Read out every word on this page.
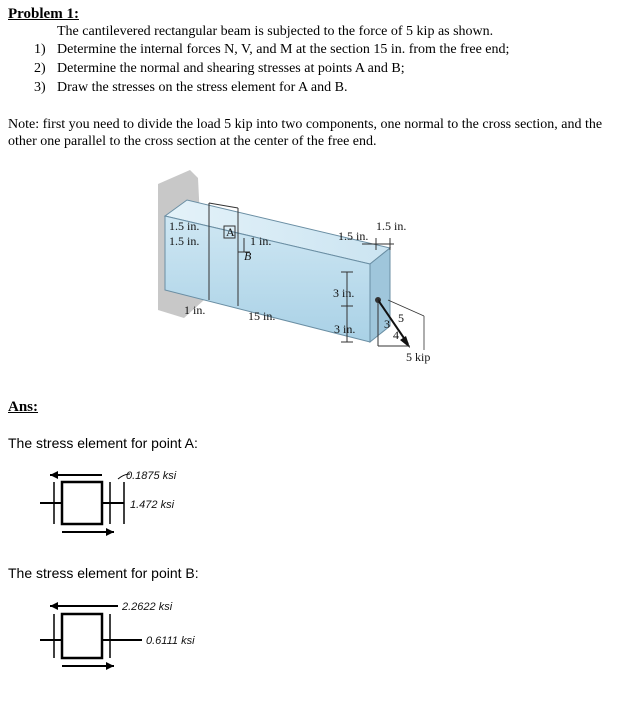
Problem 1:
The cantilevered rectangular beam is subjected to the force of 5 kip as shown.
1) Determine the internal forces N, V, and M at the section 15 in. from the free end;
2) Determine the normal and shearing stresses at points A and B;
3) Draw the stresses on the stress element for A and B.
Note: first you need to divide the load 5 kip into two components, one normal to the cross section, and the other one parallel to the cross section at the center of the free end.
1.5 in.
1.5 in.
A
1 in.
B
1 in.	15 in.
1.5 in.
1.5 in.
3 in.
3 in. 3 5
4
5 kip
Ans:
The stress element for point A:
0.1875 ksi
1.472 ksi
The stress element for point B:
2.2622 ksi
0.6111 ksi
